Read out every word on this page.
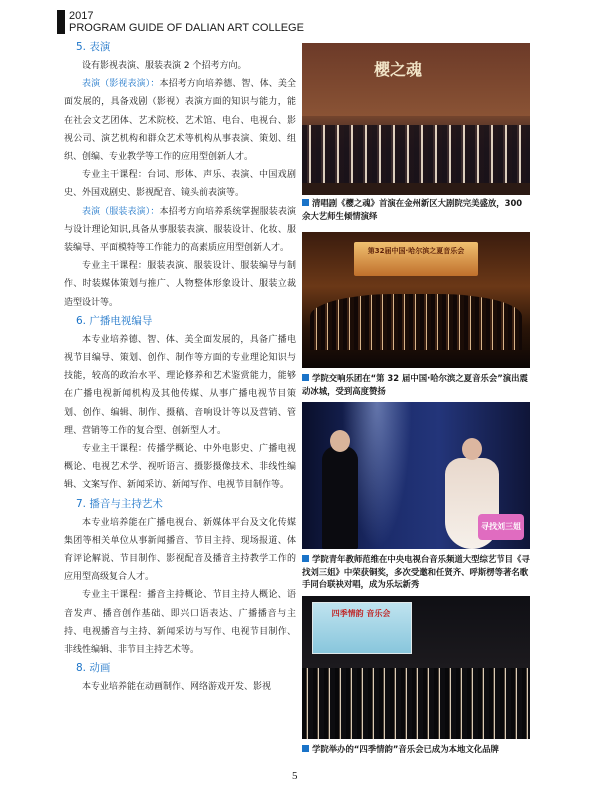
2017
PROGRAM GUIDE OF DALIAN ART COLLEGE
5. 表演

设有影视表演、服装表演 2 个招考方向。

表演（影视表演）：本招考方向培养德、智、体、美全面发展的，具备戏剧（影视）表演方面的知识与能力，能在社会文艺团体、艺术院校、艺术馆、电台、电视台、影视公司、演艺机构和群众艺术等机构从事表演、策划、组织、创编、专业教学等工作的应用型创新人才。

专业主干课程：台词、形体、声乐、表演、中国戏剧史、外国戏剧史、影视配音、镜头前表演等。

表演（服装表演）：本招考方向培养系统掌握服装表演与设计理论知识,具备从事服装表演、服装设计、化妆、服装编导、平面模特等工作能力的高素质应用型创新人才。

专业主干课程：服装表演、服装设计、服装编导与制作、时装媒体策划与推广、人物整体形象设计、服装立裁造型设计等。

6. 广播电视编导

本专业培养德、智、体、美全面发展的，具备广播电视节目编导、策划、创作、制作等方面的专业理论知识与技能，较高的政治水平、理论修养和艺术鉴赏能力，能够在广播电视新闻机构及其他传媒、从事广播电视节目策划、创作、编辑、制作、摄稿、音响设计等以及营销、管理、营销等工作的复合型、创新型人才。

专业主干课程：传播学概论、中外电影史、广播电视概论、电视艺术学、视听语言、摄影摄像技术、非线性编辑、文案写作、新闻采访、新闻写作、电视节目制作等。

7. 播音与主持艺术

本专业培养能在广播电视台、新媒体平台及文化传媒集团等相关单位从事新闻播音、节目主持、现场报道、体育评论解说、节目制作、影视配音及播音主持教学工作的应用型高级复合人才。

专业主干课程：播音主持概论、节目主持人概论、语音发声、播音创作基础、即兴口语表达、广播播音与主持、电视播音与主持、新闻采访与写作、电视节目制作、非线性编辑、非节目主持艺术等。

8. 动画

本专业培养能在动画制作、网络游戏开发、影视

櫻之魂
清唱剧《樱之魂》首演在金州新区大剧院完美盛放，300 余大艺师生倾情演绎
第32届中国·哈尔滨之夏音乐会
学院交响乐团在“第 32 届中国·哈尔滨之夏音乐会”演出震动冰城，受到高度赞扬
寻找刘三姐
学院青年教师范维在中央电视台音乐频道大型综艺节目《寻找刘三姐》中荣获铜奖，多次受邀和任贤齐、呼斯楞等著名歌手同台联袂对唱，成为乐坛新秀
四季情韵 音乐会
学院举办的“四季情韵”音乐会已成为本地文化品牌
5
